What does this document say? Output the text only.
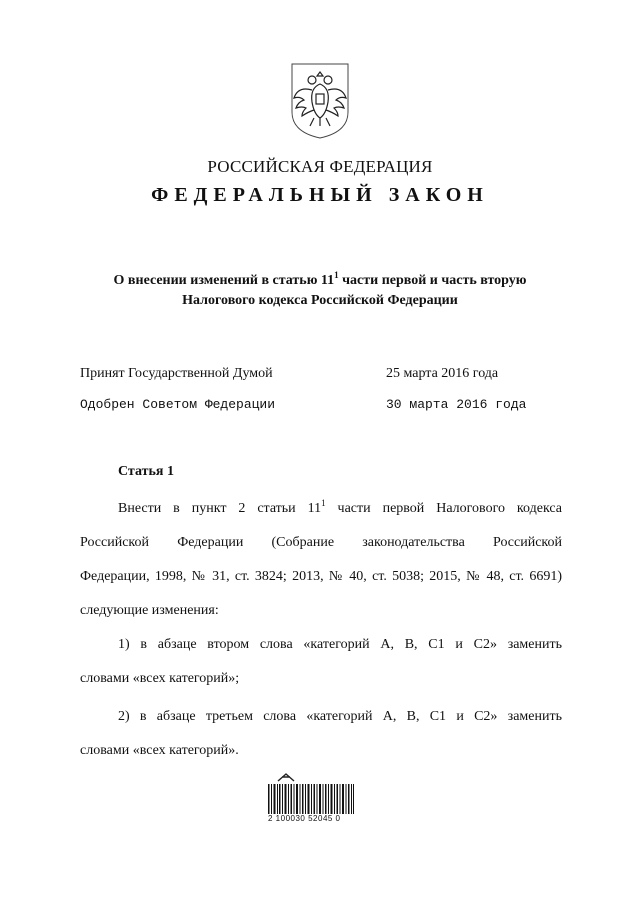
РОССИЙСКАЯ ФЕДЕРАЦИЯ
ФЕДЕРАЛЬНЫЙ ЗАКОН
О внесении изменений в статью $11^1$ части первой и часть вторую
Налогового кодекса Российской Федерации
Принят Государственной Думой	25 марта 2016 года
Одобрен Советом Федерации	30 марта 2016 года
Статья 1
Внести в пункт 2 статьи $11^1$ части первой Налогового кодекса
Российской Федерации (Собрание законодательства Российской
Федерации, 1998, № 31, ст. 3824; 2013, № 40, ст. 5038; 2015, № 48, ст. 6691)
следующие изменения:
1) в абзаце втором слова «категорий А, В, С1 и С2» заменить
словами «всех категорий»;
2) в абзаце третьем слова «категорий А, В, С1 и С2» заменить
словами «всех категорий».
2 100030 52045 0
